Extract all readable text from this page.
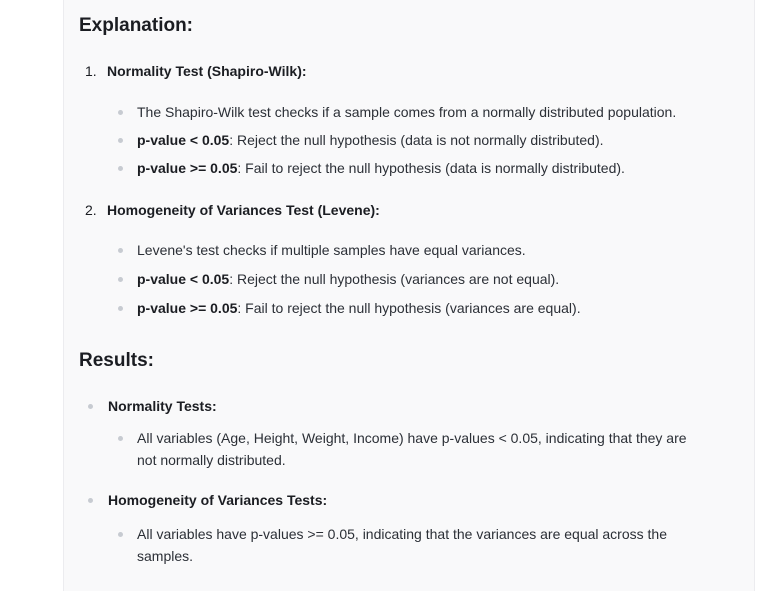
Explanation:
1. Normality Test (Shapiro-Wilk):
The Shapiro-Wilk test checks if a sample comes from a normally distributed population.
p-value < 0.05: Reject the null hypothesis (data is not normally distributed).
p-value >= 0.05: Fail to reject the null hypothesis (data is normally distributed).
2. Homogeneity of Variances Test (Levene):
Levene's test checks if multiple samples have equal variances.
p-value < 0.05: Reject the null hypothesis (variances are not equal).
p-value >= 0.05: Fail to reject the null hypothesis (variances are equal).
Results:
Normality Tests:
All variables (Age, Height, Weight, Income) have p-values < 0.05, indicating that they are
not normally distributed.
Homogeneity of Variances Tests:
All variables have p-values >= 0.05, indicating that the variances are equal across the
samples.
